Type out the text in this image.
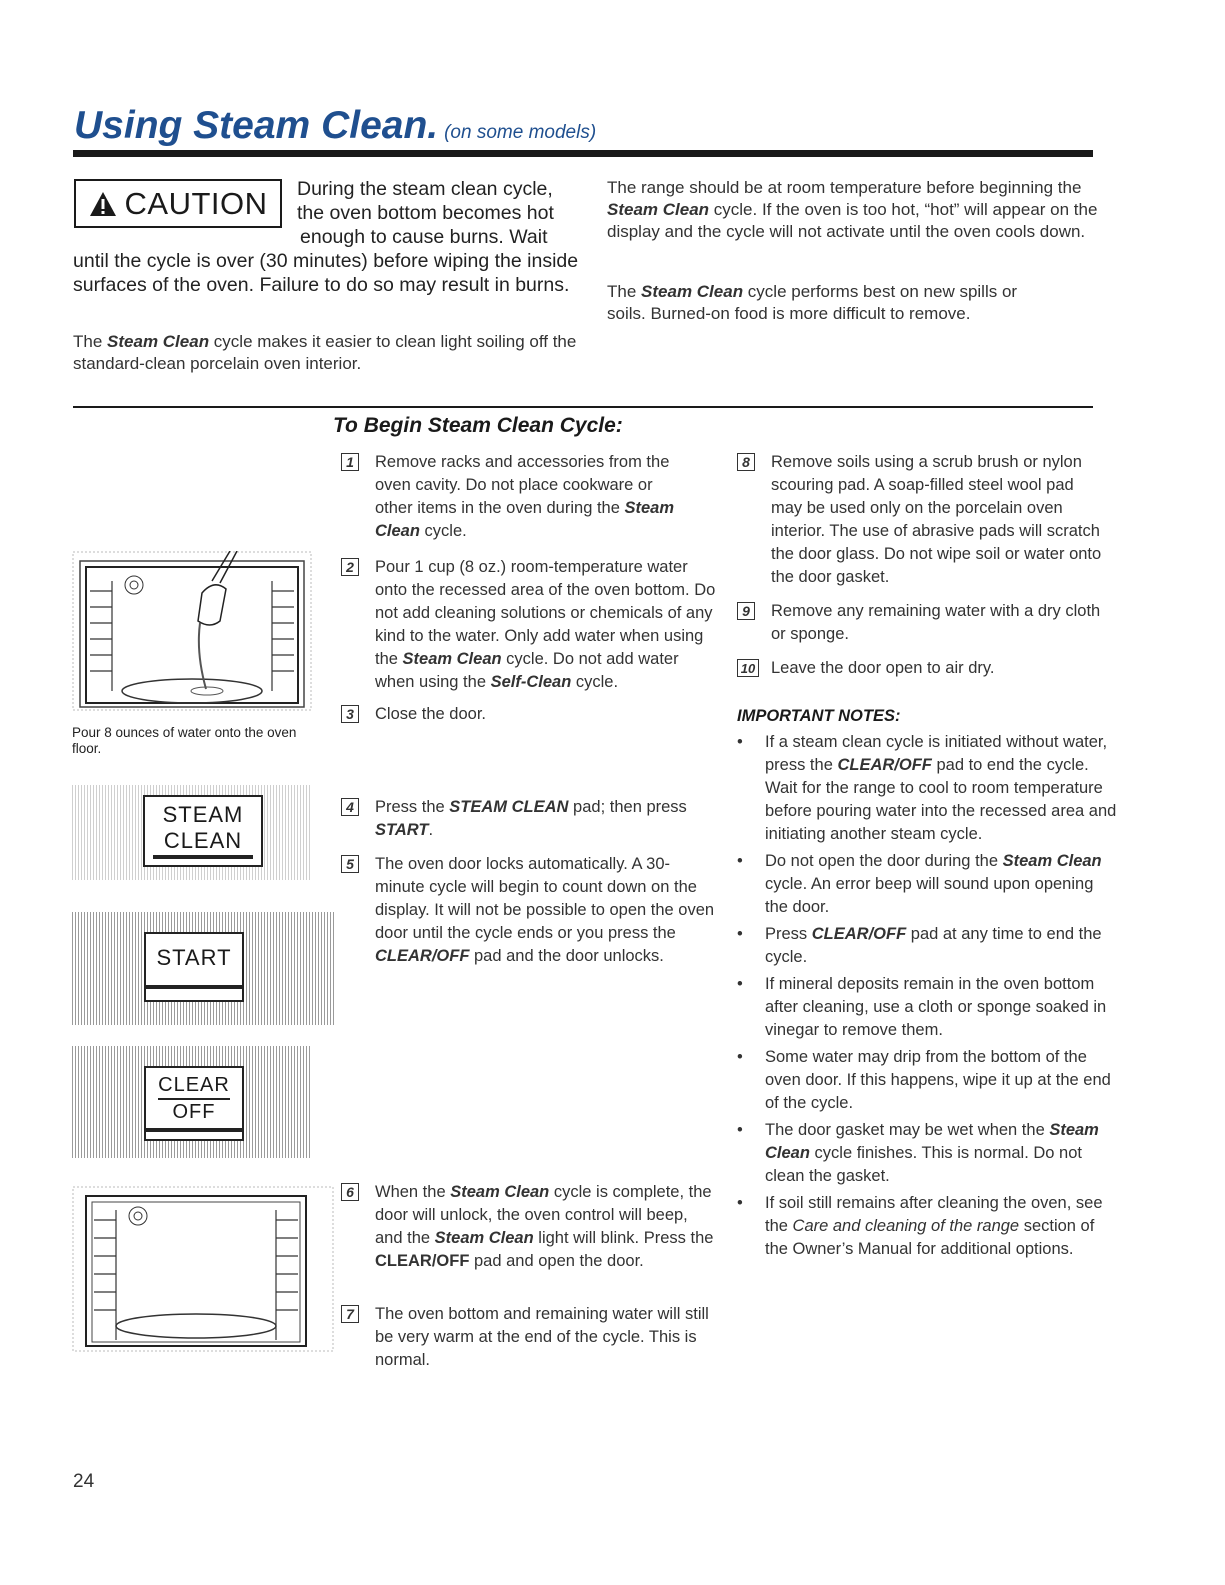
Using Steam Clean. (on some models)
CAUTION During the steam clean cycle,
the oven bottom becomes hot
enough to cause burns. Wait
until the cycle is over (30 minutes) before wiping the inside surfaces of the oven. Failure to do so may result in burns.
The Steam Clean cycle makes it easier to clean light soiling off the standard-clean porcelain oven interior.
The range should be at room temperature before beginning the Steam Clean cycle. If the oven is too hot, “hot” will appear on the display and the cycle will not activate until the oven cools down.
The Steam Clean cycle performs best on new spills or soils. Burned-on food is more difficult to remove.
To Begin Steam Clean Cycle:
Pour 8 ounces of water onto the oven floor.
STEAM
CLEAN
START
CLEAR
OFF
1	Remove racks and accessories from the oven cavity. Do not place cookware or other items in the oven during the Steam Clean cycle.
2	Pour 1 cup (8 oz.) room-temperature water onto the recessed area of the oven bottom. Do not add cleaning solutions or chemicals of any kind to the water. Only add water when using the Steam Clean cycle. Do not add water when using the Self-Clean cycle.
3	Close the door.
4	Press the STEAM CLEAN pad; then press START.
5	The oven door locks automatically. A 30-minute cycle will begin to count down on the display. It will not be possible to open the oven door until the cycle ends or you press the CLEAR/OFF pad and the door unlocks.
6	When the Steam Clean cycle is complete, the door will unlock, the oven control will beep, and the Steam Clean light will blink. Press the CLEAR/OFF pad and open the door.
7	The oven bottom and remaining water will still be very warm at the end of the cycle. This is normal.
8	Remove soils using a scrub brush or nylon scouring pad. A soap-filled steel wool pad may be used only on the porcelain oven interior. The use of abrasive pads will scratch the door glass. Do not wipe soil or water onto the door gasket.
9	Remove any remaining water with a dry cloth or sponge.
10 Leave the door open to air dry.
IMPORTANT NOTES:
• If a steam clean cycle is initiated without water, press the CLEAR/OFF pad to end the cycle. Wait for the range to cool to room temperature before pouring water into the recessed area and initiating another steam cycle.
• Do not open the door during the Steam Clean cycle. An error beep will sound upon opening the door.
• Press CLEAR/OFF pad at any time to end the cycle.
• If mineral deposits remain in the oven bottom after cleaning, use a cloth or sponge soaked in vinegar to remove them.
• Some water may drip from the bottom of the oven door. If this happens, wipe it up at the end of the cycle.
• The door gasket may be wet when the Steam Clean cycle finishes. This is normal. Do not clean the gasket.
• If soil still remains after cleaning the oven, see the Care and cleaning of the range section of the Owner’s Manual for additional options.
24
